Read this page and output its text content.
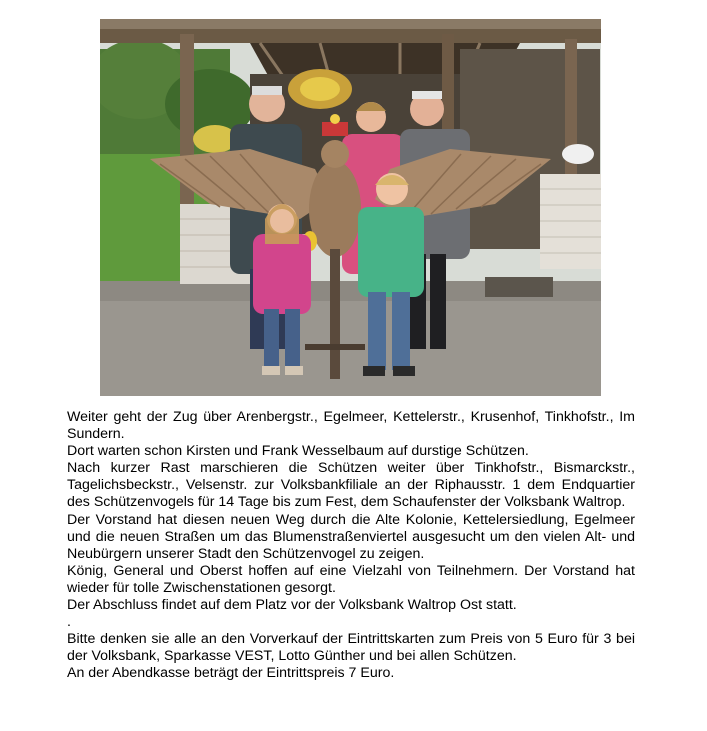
Weiter geht der Zug über Arenbergstr., Egelmeer, Kettelerstr., Krusenhof, Tinkhofstr., Im Sundern.

Dort warten schon Kirsten und Frank Wesselbaum auf durstige Schützen.

Nach kurzer Rast marschieren die Schützen weiter über Tinkhofstr., Bismarckstr., Tagelichsbeckstr., Velsenstr. zur Volksbankfiliale an der Riphausstr. 1 dem Endquartier des Schützenvogels für 14 Tage bis zum Fest, dem Schaufenster der Volksbank Waltrop.

Der Vorstand hat diesen neuen Weg durch die Alte Kolonie, Kettelersiedlung, Egelmeer und die neuen Straßen um das Blumenstraßenviertel ausgesucht um den vielen Alt- und Neubürgern unserer Stadt den Schützenvogel zu zeigen.

König, General und Oberst hoffen auf eine Vielzahl von Teilnehmern. Der Vorstand hat wieder für tolle Zwischenstationen gesorgt.

Der Abschluss findet auf dem Platz vor der Volksbank Waltrop Ost statt.

.

Bitte denken sie alle an den Vorverkauf der Eintrittskarten zum Preis von 5 Euro für 3 bei der Volksbank, Sparkasse VEST, Lotto Günther und bei allen Schützen.

An der Abendkasse beträgt der Eintrittspreis 7 Euro.
